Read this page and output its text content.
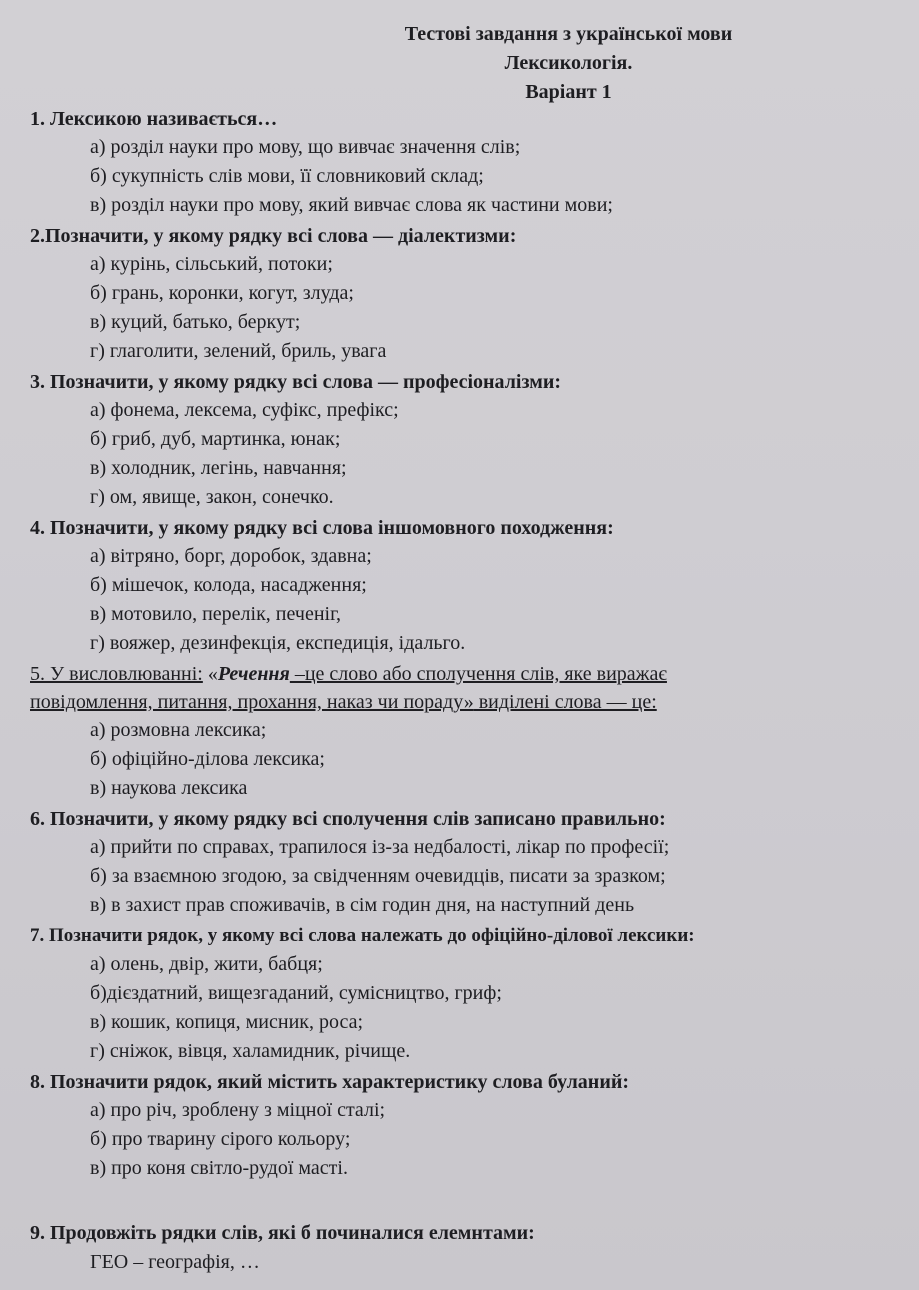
Тестові завдання з української мови
Лексикологія.
Варіант 1
1. Лексикою називається…
а) розділ науки про мову, що вивчає значення слів;
б) сукупність слів мови, її словниковий склад;
в) розділ науки про мову, який вивчає слова як частини мови;
2.Позначити, у якому рядку всі слова — діалектизми:
а) курінь, сільський, потоки;
б) грань, коронки, когут, злуда;
в) куций, батько, беркут;
г) глаголити, зелений, бриль, увага
3. Позначити, у якому рядку всі слова — професіоналізми:
а) фонема, лексема, суфікс, префікс;
б) гриб, дуб, мартинка, юнак;
в) холодник, легінь, навчання;
г) ом, явище, закон, сонечко.
4. Позначити, у якому рядку всі слова іншомовного походження:
а) вітряно, борг, доробок, здавна;
б) мішечок, колода, насадження;
в) мотовило, перелік, печеніг,
г) вояжер, дезинфекція, експедиція, ідальго.
5. У висловлюванні: «Речення –це слово або сполучення слів, яке виражає
повідомлення, питання, прохання, наказ чи пораду» виділені слова — це:
а) розмовна лексика;
б) офіційно-ділова лексика;
в) наукова лексика
6. Позначити, у якому рядку всі сполучення слів записано правильно:
а) прийти по справах, трапилося із-за недбалості, лікар по професії;
б) за взаємною згодою, за свідченням очевидців, писати за зразком;
в) в захист прав споживачів, в сім годин дня, на наступний день
7. Позначити рядок, у якому всі слова належать до офіційно-ділової лексики:
а) олень, двір, жити, бабця;
б)дієздатний, вищезгаданий, сумісництво, гриф;
в) кошик, копиця, мисник, роса;
г) сніжок, вівця, халамидник, річище.
8. Позначити рядок, який містить характеристику слова буланий:
а) про річ, зроблену з міцної сталі;
б) про тварину сірого кольору;
в) про коня світло-рудої масті.
9. Продовжіть рядки слів, які б починалися елемнтами:
ГЕО – географія, …
